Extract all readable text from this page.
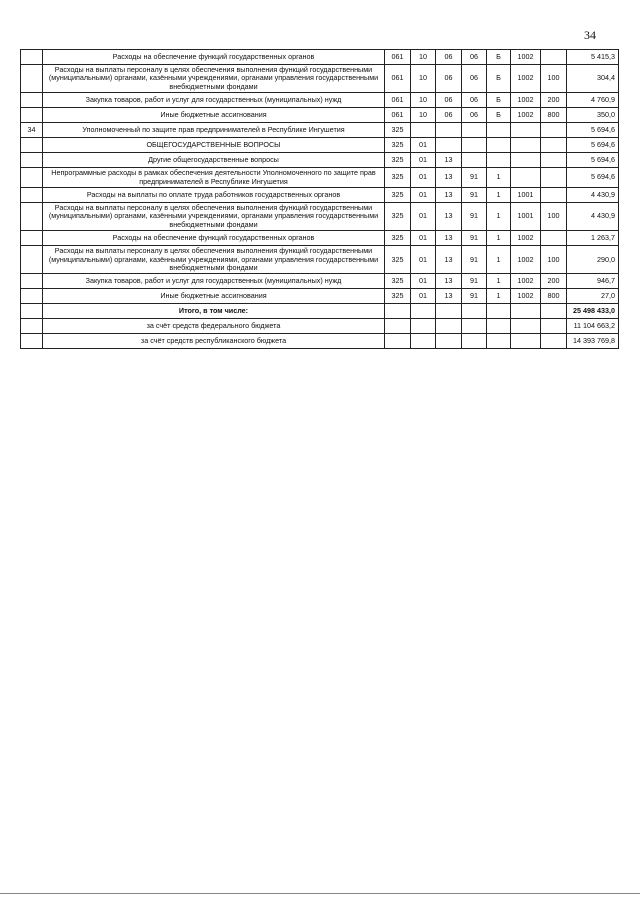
34
	Расходы на обеспечение функций государственных органов	061	10	06	06	Б	1002		5 415,3
	Расходы на выплаты персоналу в целях обеспечения выполнения функций государственными (муниципальными) органами, казёнными учреждениями, органами управления государственными внебюджетными фондами	061	10	06	06	Б	1002	100	304,4
	Закупка товаров, работ и услуг для государственных (муниципальных) нужд	061	10	06	06	Б	1002	200	4 760,9
	Иные бюджетные ассигнования	061	10	06	06	Б	1002	800	350,0
34	Уполномоченный по защите прав предпринимателей в Республике Ингушетия	325							5 694,6
	ОБЩЕГОСУДАРСТВЕННЫЕ ВОПРОСЫ	325	01						5 694,6
	Другие общегосударственные вопросы	325	01	13					5 694,6
	Непрограммные расходы в рамках обеспечения деятельности Уполномоченного по защите прав предпринимателей в Республике Ингушетия	325	01	13	91	1			5 694,6
	Расходы на выплаты по оплате труда работников государственных органов	325	01	13	91	1	1001		4 430,9
	Расходы на выплаты персоналу в целях обеспечения выполнения функций государственными (муниципальными) органами, казёнными учреждениями, органами управления государственными внебюджетными фондами	325	01	13	91	1	1001	100	4 430,9
	Расходы на обеспечение функций государственных органов	325	01	13	91	1	1002		1 263,7
	Расходы на выплаты персоналу в целях обеспечения выполнения функций государственными (муниципальными) органами, казёнными учреждениями, органами управления государственными внебюджетными фондами	325	01	13	91	1	1002	100	290,0
	Закупка товаров, работ и услуг для государственных (муниципальных) нужд	325	01	13	91	1	1002	200	946,7
	Иные бюджетные ассигнования	325	01	13	91	1	1002	800	27,0
	Итого, в том числе:								25 498 433,0
	за счёт средств федерального бюджета								11 104 663,2
	за счёт средств республиканского бюджета								14 393 769,8
